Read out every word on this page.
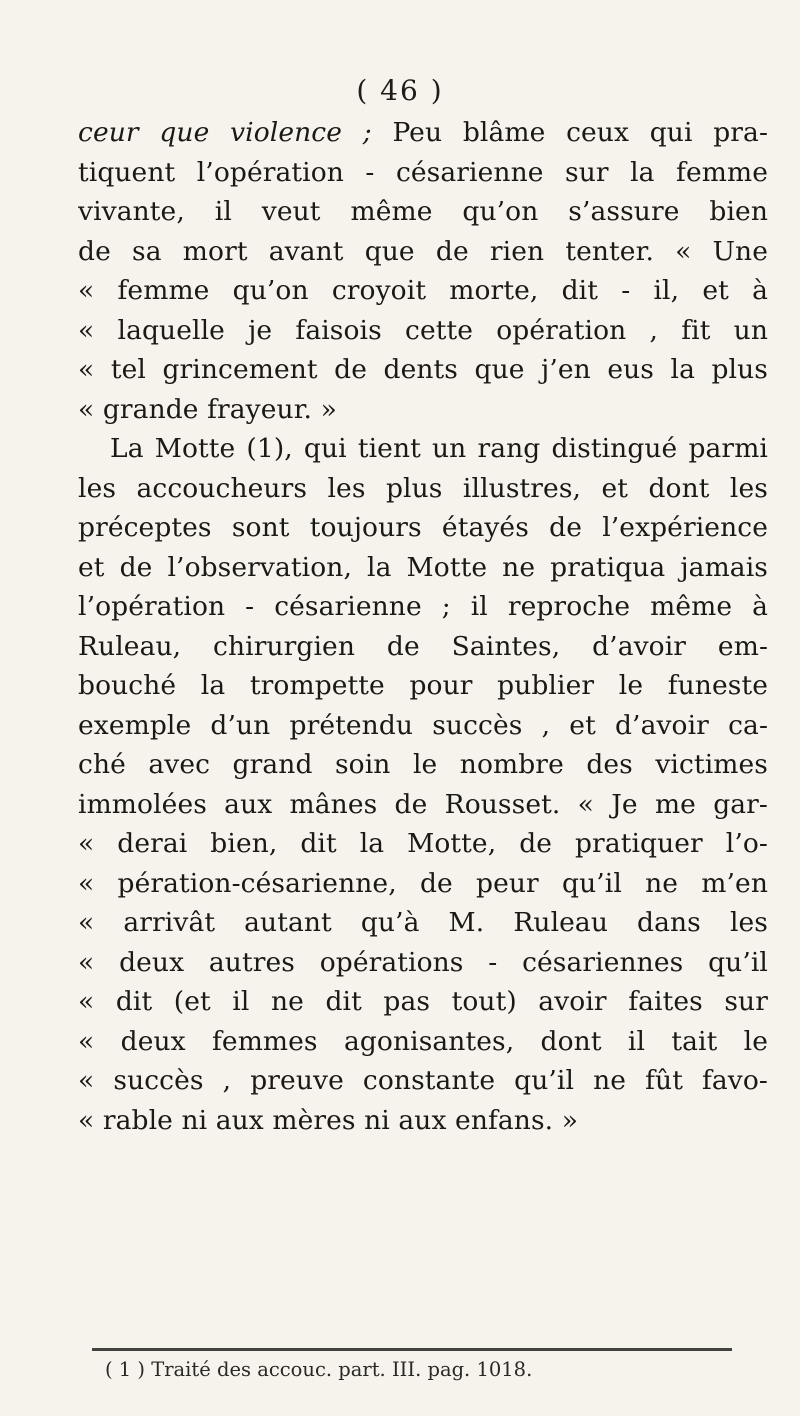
( 46 )
ceur que violence ; Peu blâme ceux qui pra-
tiquent l’opération - césarienne sur la femme
vivante, il veut même qu’on s’assure bien
de sa mort avant que de rien tenter. « Une
« femme qu’on croyoit morte, dit - il, et à
« laquelle je faisois cette opération , fit un
« tel grincement de dents que j’en eus la plus
« grande frayeur. »
La Motte (1), qui tient un rang distingué parmi
les accoucheurs les plus illustres, et dont les
préceptes sont toujours étayés de l’expérience
et de l’observation, la Motte ne pratiqua jamais
l’opération - césarienne ; il reproche même à
Ruleau, chirurgien de Saintes, d’avoir em-
bouché la trompette pour publier le funeste
exemple d’un prétendu succès , et d’avoir ca-
ché avec grand soin le nombre des victimes
immolées aux mânes de Rousset. « Je me gar-
« derai bien, dit la Motte, de pratiquer l’o-
« pération-césarienne, de peur qu’il ne m’en
« arrivât autant qu’à M. Ruleau dans les
« deux autres opérations - césariennes qu’il
« dit (et il ne dit pas tout) avoir faites sur
« deux femmes agonisantes, dont il tait le
« succès , preuve constante qu’il ne fût favo-
« rable ni aux mères ni aux enfans. »
( 1 ) Traité des accouc. part. III. pag. 1018.
